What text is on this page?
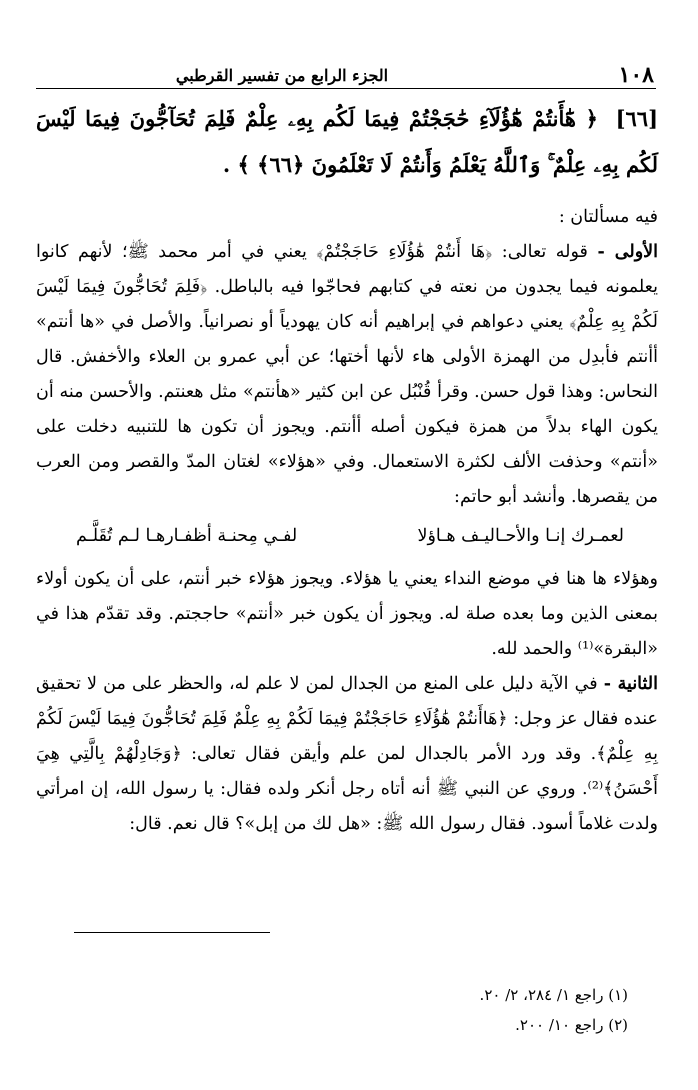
١٠٨
الجزء الرابع من تفسير القرطبي
[٦٦] ﴿ هَٰٓأَنتُمْ هَٰٓؤُلَآءِ حَٰجَجْتُمْ فِيمَا لَكُم بِهِۦ عِلْمٌ فَلِمَ تُحَآجُّونَ فِيمَا لَيْسَ لَكُم بِهِۦ عِلْمٌ ۚ وَٱللَّهُ يَعْلَمُ وَأَنتُمْ لَا تَعْلَمُونَ ﴿٦٦﴾ ﴾ .

فيه مسألتان :

الأولى - قوله تعالى: ﴿هَا أَنتُمْ هَٰؤُلَاءِ حَاجَجْتُمْ﴾ يعني في أمر محمد ﷺ؛ لأنهم كانوا يعلمونه فيما يجدون من نعته في كتابهم فحاجّوا فيه بالباطل. ﴿فَلِمَ تُحَاجُّونَ فِيمَا لَيْسَ لَكُمْ بِهِ عِلْمٌ﴾ يعني دعواهم في إبراهيم أنه كان يهودياً أو نصرانياً. والأصل في «ها أنتم» أأنتم فأبدِل من الهمزة الأولى هاء لأنها أختها؛ عن أبي عمرو بن العلاء والأخفش. قال النحاس: وهذا قول حسن. وقرأ قُنْبُل عن ابن كثير «هأنتم» مثل هعنتم. والأحسن منه أن يكون الهاء بدلاً من همزة فيكون أصله أأنتم. ويجوز أن تكون ها للتنبيه دخلت على «أنتم» وحذفت الألف لكثرة الاستعمال. وفي «هؤلاء» لغتان المدّ والقصر ومن العرب من يقصرها. وأنشد أبو حاتم:

لعمـرك إنـا والأحـاليـف هـاؤلا
لفـي مِحنـة أظفـارهـا لـم تُقَلَّـم

وهؤلاء ها هنا في موضع النداء يعني يا هؤلاء. ويجوز هؤلاء خبر أنتم، على أن يكون أولاء بمعنى الذين وما بعده صلة له. ويجوز أن يكون خبر «أنتم» حاججتم. وقد تقدّم هذا في «البقرة»⁽¹⁾ والحمد لله.

الثانية - في الآية دليل على المنع من الجدال لمن لا علم له، والحظر على من لا تحقيق عنده فقال عز وجل: ﴿هَاأَنتُمْ هَٰؤُلَاءِ حَاجَجْتُمْ فِيمَا لَكُمْ بِهِ عِلْمٌ فَلِمَ تُحَاجُّونَ فِيمَا لَيْسَ لَكُمْ بِهِ عِلْمٌ﴾. وقد ورد الأمر بالجدال لمن علم وأيقن فقال تعالى: ﴿وَجَادِلْهُمْ بِالَّتِي هِيَ أَحْسَنُ﴾⁽²⁾. وروي عن النبي ﷺ أنه أتاه رجل أنكر ولده فقال: يا رسول الله، إن امرأتي ولدت غلاماً أسود. فقال رسول الله ﷺ: «هل لك من إبل»؟ قال نعم. قال:

(١) راجع ١/ ٢٨٤، ٢/ ٢٠.
(٢) راجع ١٠/ ٢٠٠.
